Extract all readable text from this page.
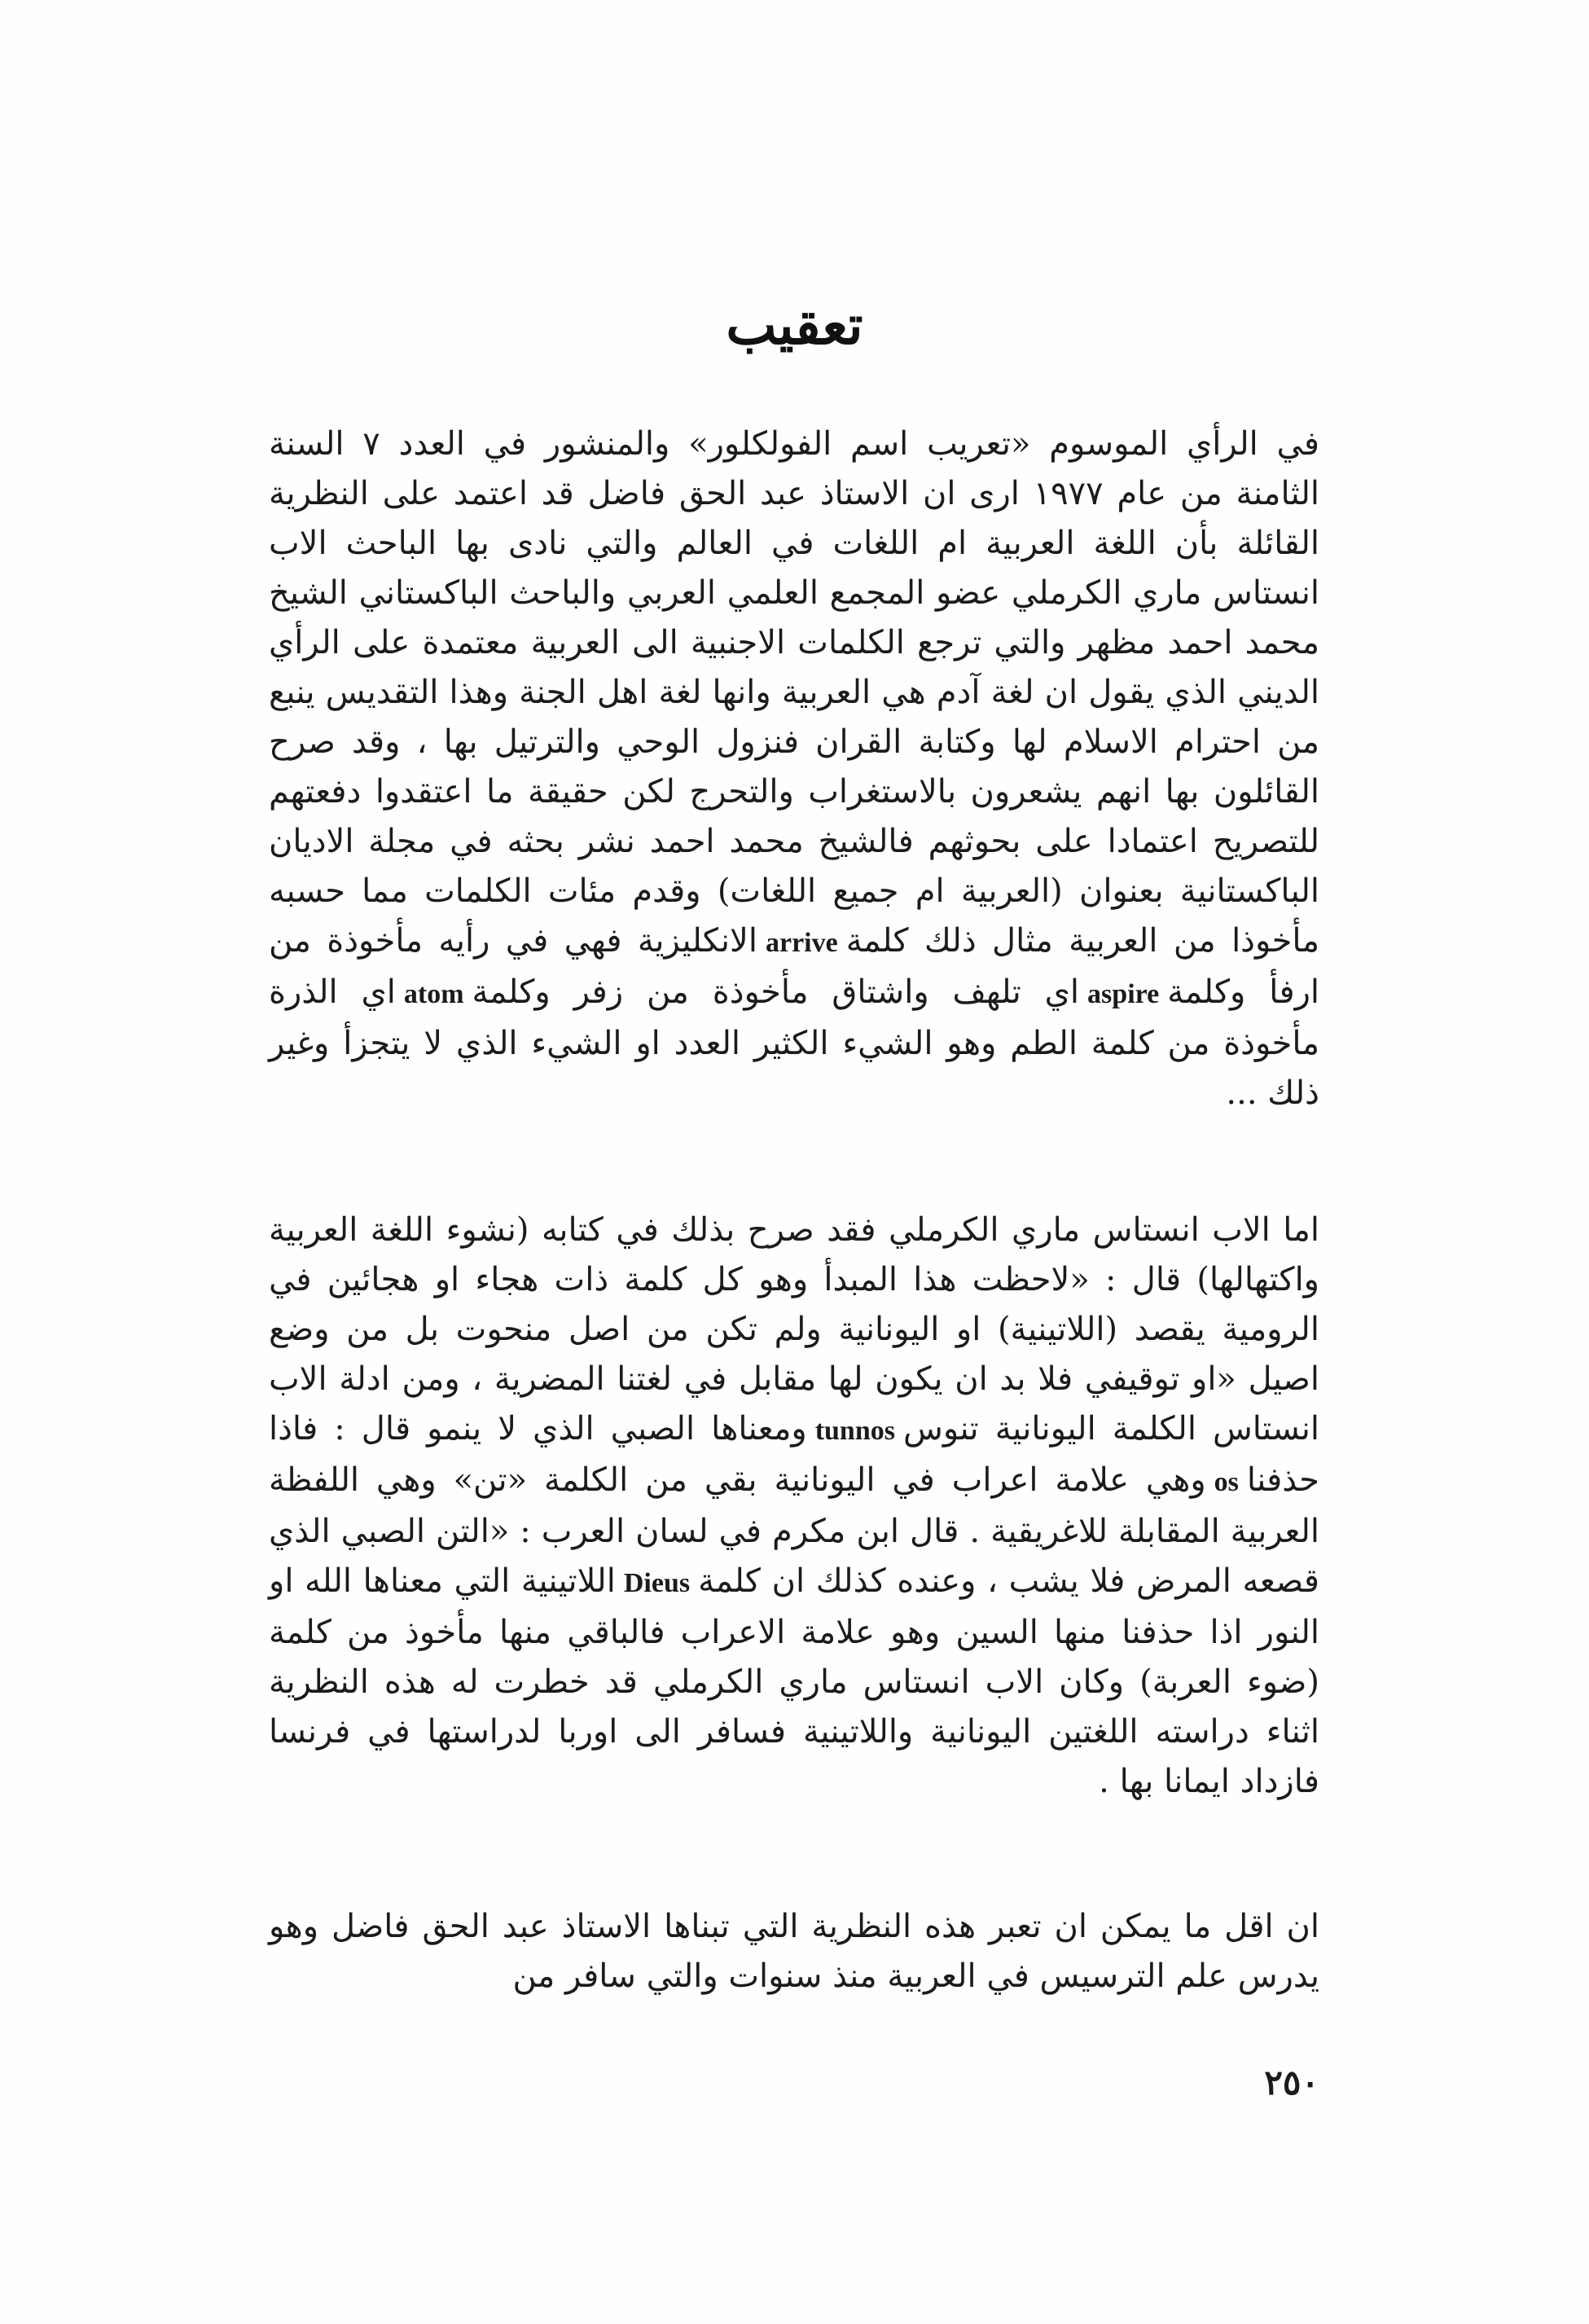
تعقيب

في الرأي الموسوم «تعريب اسم الفولكلور» والمنشور في العدد ٧ السنة الثامنة من عام ١٩٧٧ ارى ان الاستاذ عبد الحق فاضل قد اعتمد على النظرية القائلة بأن اللغة العربية ام اللغات في العالم والتي نادى بها الباحث الاب انستاس ماري الكرملي عضو المجمع العلمي العربي والباحث الباكستاني الشيخ محمد احمد مظهر والتي ترجع الكلمات الاجنبية الى العربية معتمدة على الرأي الديني الذي يقول ان لغة آدم هي العربية وانها لغة اهل الجنة وهذا التقديس ينبع من احترام الاسلام لها وكتابة القران فنزول الوحي والترتيل بها ، وقد صرح القائلون بها انهم يشعرون بالاستغراب والتحرج لكن حقيقة ما اعتقدوا دفعتهم للتصريح اعتمادا على بحوثهم فالشيخ محمد احمد نشر بحثه في مجلة الاديان الباكستانية بعنوان (العربية ام جميع اللغات) وقدم مئات الكلمات مما حسبه مأخوذا من العربية مثال ذلك كلمةarriveالانكليزية فهي في رأيه مأخوذة من ارفأ وكلمةaspireاي تلهف واشتاق مأخوذة من زفر وكلمةatomاي الذرة مأخوذة من كلمة الطم وهو الشيء الكثير العدد او الشيء الذي لا يتجزأ وغير ذلك ...

اما الاب انستاس ماري الكرملي فقد صرح بذلك في كتابه (نشوء اللغة العربية واكتهالها) قال : «لاحظت هذا المبدأ وهو كل كلمة ذات هجاء او هجائين في الرومية يقصد (اللاتينية) او اليونانية ولم تكن من اصل منحوت بل من وضع اصيل «او توقيفي فلا بد ان يكون لها مقابل في لغتنا المضرية ، ومن ادلة الاب انستاس الكلمة اليونانية تنوسtunnosومعناها الصبي الذي لا ينمو قال : فاذا حذفناosوهي علامة اعراب في اليونانية بقي من الكلمة «تن» وهي اللفظة العربية المقابلة للاغريقية . قال ابن مكرم في لسان العرب : «التن الصبي الذي قصعه المرض فلا يشب ، وعنده كذلك ان كلمةDieusاللاتينية التي معناها الله او النور اذا حذفنا منها السين وهو علامة الاعراب فالباقي منها مأخوذ من كلمة (ضوء العربة) وكان الاب انستاس ماري الكرملي قد خطرت له هذه النظرية اثناء دراسته اللغتين اليونانية واللاتينية فسافر الى اوربا لدراستها في فرنسا فازداد ايمانا بها .

ان اقل ما يمكن ان تعبر هذه النظرية التي تبناها الاستاذ عبد الحق فاضل وهو يدرس علم الترسيس في العربية منذ سنوات والتي سافر من

٢٥٠
